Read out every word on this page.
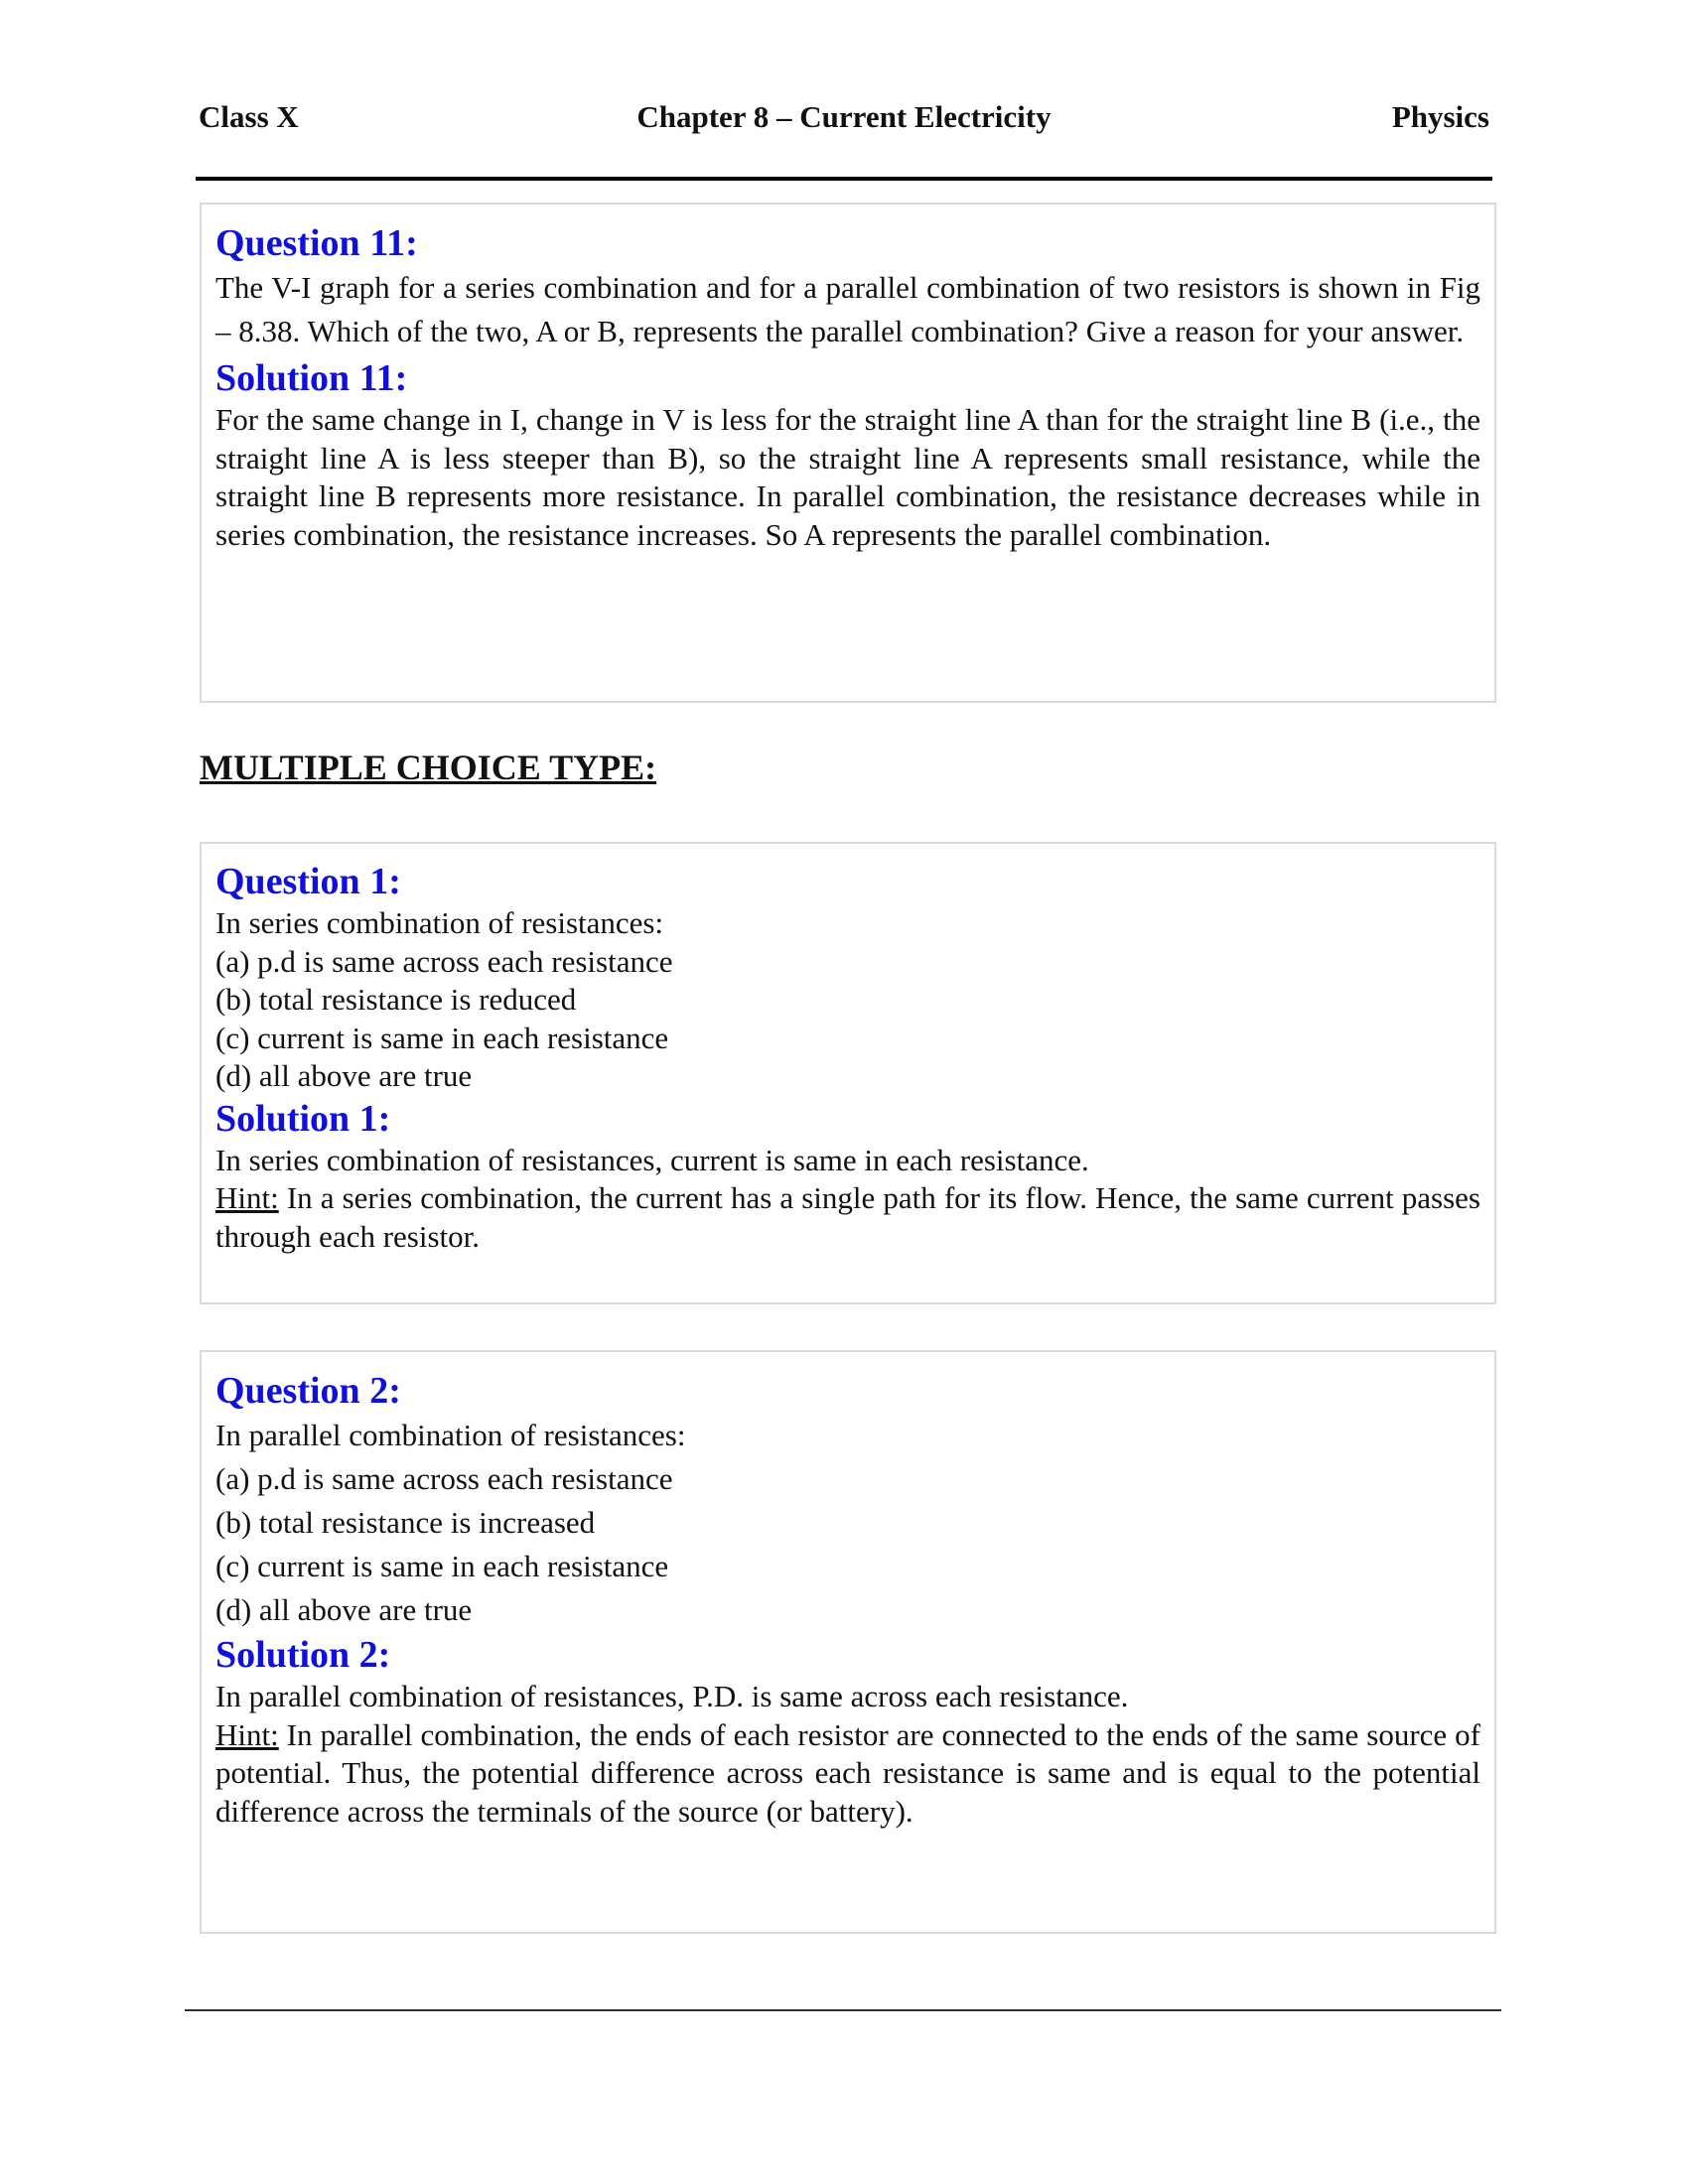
Class X	Chapter 8 – Current Electricity	Physics
Question 11:

The V-I graph for a series combination and for a parallel combination of two resistors is shown in Fig – 8.38. Which of the two, A or B, represents the parallel combination? Give a reason for your answer.

Solution 11:

For the same change in I, change in V is less for the straight line A than for the straight line B (i.e., the straight line A is less steeper than B), so the straight line A represents small resistance, while the straight line B represents more resistance. In parallel combination, the resistance decreases while in series combination, the resistance increases. So A represents the parallel combination.

MULTIPLE CHOICE TYPE:
Question 1:

In series combination of resistances:

(a) p.d is same across each resistance

(b) total resistance is reduced

(c) current is same in each resistance

(d) all above are true

Solution 1:

In series combination of resistances, current is same in each resistance.

Hint: In a series combination, the current has a single path for its flow. Hence, the same current passes through each resistor.

Question 2:

In parallel combination of resistances:

(a) p.d is same across each resistance

(b) total resistance is increased

(c) current is same in each resistance

(d) all above are true

Solution 2:

In parallel combination of resistances, P.D. is same across each resistance.

Hint: In parallel combination, the ends of each resistor are connected to the ends of the same source of potential. Thus, the potential difference across each resistance is same and is equal to the potential difference across the terminals of the source (or battery).
